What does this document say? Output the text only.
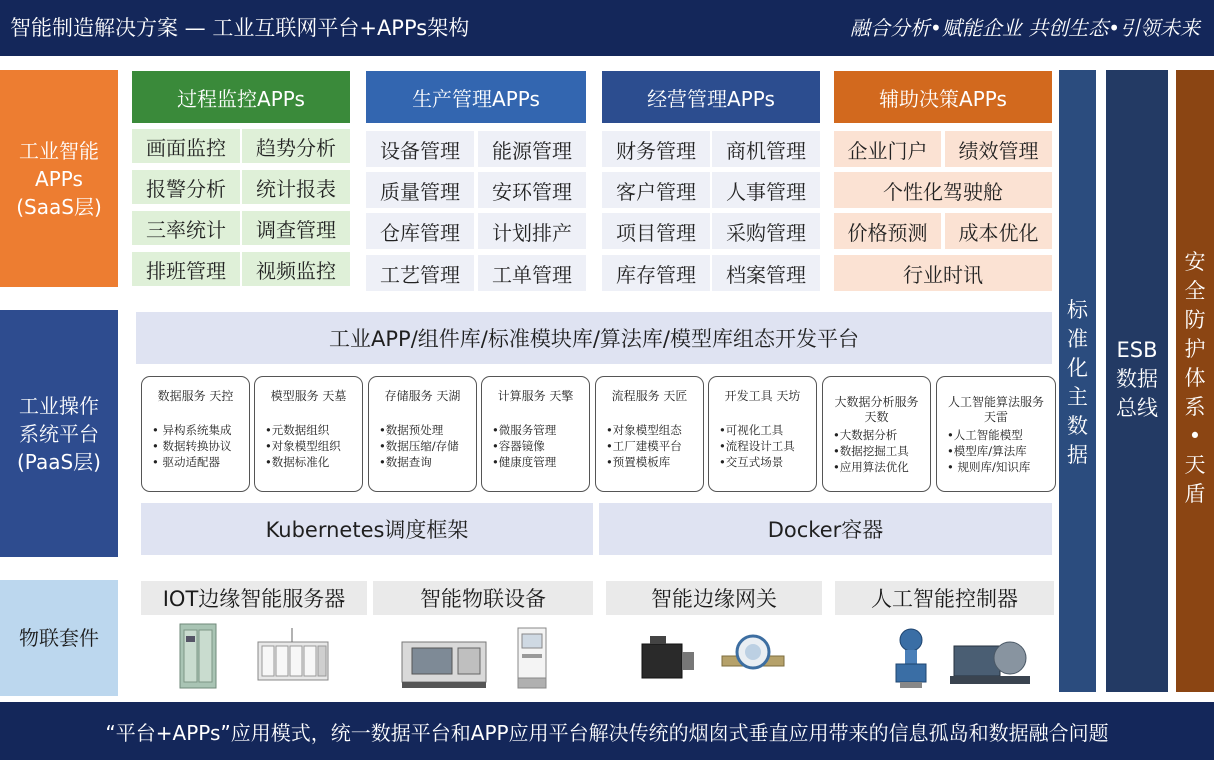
智能制造解决方案 — 工业互联网平台+APPs架构	融合分析•赋能企业 共创生态•引领未来
工业智能
APPs
(SaaS层)
工业操作
系统平台
(PaaS层)
物联套件
过程监控APPs
画面监控 趋势分析
报警分析 统计报表
三率统计 调查管理
排班管理 视频监控
生产管理APPs
设备管理 能源管理
质量管理 安环管理
仓库管理 计划排产
工艺管理 工单管理
经营管理APPs
财务管理 商机管理
客户管理 人事管理
项目管理 采购管理
库存管理 档案管理
辅助决策APPs
企业门户 绩效管理
个性化驾驶舱
价格预测 成本优化
行业时讯
工业APP/组件库/标准模块库/算法库/模型库组态开发平台
数据服务 天控
• 异构系统集成
• 数据转换协议
• 驱动适配器
模型服务 天墓
•元数据组织
•对象模型组织
•数据标准化
存储服务 天湖
•数据预处理
•数据压缩/存储
•数据查询
计算服务 天擎
•微服务管理
•容器镜像
•健康度管理
流程服务 天匠
•对象模型组态
•工厂建模平台
•预置模板库
开发工具 天坊
•可视化工具
•流程设计工具
•交互式场景
大数据分析服务
天数
•大数据分析
•数据挖掘工具
•应用算法优化
人工智能算法服务
天雷
•人工智能模型
•模型库/算法库
• 规则库/知识库
Kubernetes调度框架	Docker容器
IOT边缘智能服务器	智能物联设备	智能边缘网关	人工智能控制器
标
准
化
主
数
据
ESB
数据
总线
安
全
防
护
体
系
•
天
盾
“平台+APPs”应用模式，统一数据平台和APP应用平台解决传统的烟囱式垂直应用带来的信息孤岛和数据融合问题
